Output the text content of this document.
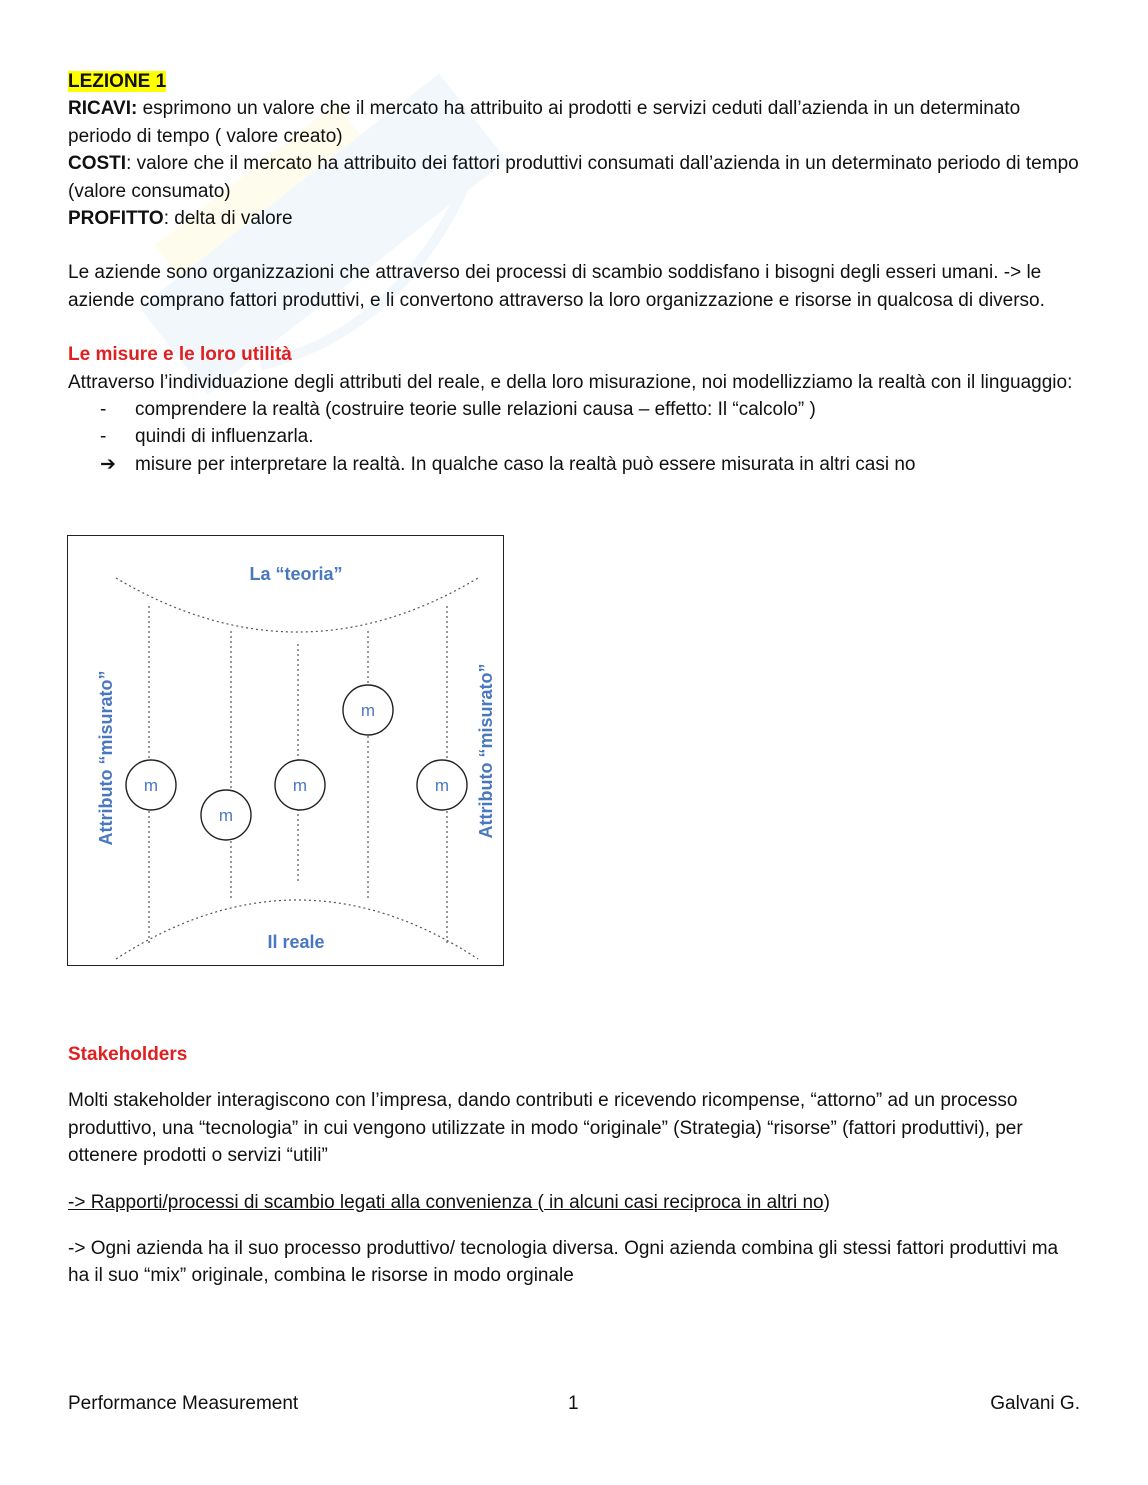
LEZIONE 1

RICAVI: esprimono un valore che il mercato ha attribuito ai prodotti e servizi ceduti dall’azienda in un determinato periodo di tempo ( valore creato)

COSTI: valore che il mercato ha attribuito dei fattori produttivi consumati dall’azienda in un determinato periodo di tempo (valore consumato)

PROFITTO: delta di valore

Le aziende sono organizzazioni che attraverso dei processi di scambio soddisfano i bisogni degli esseri umani. -> le aziende comprano fattori produttivi, e li convertono attraverso la loro organizzazione e risorse in qualcosa di diverso.

Le misure e le loro utilità

Attraverso l’individuazione degli attributi del reale, e della loro misurazione, noi modellizziamo la realtà con il linguaggio:

- comprendere la realtà (costruire teorie sulle relazioni causa – effetto: Il “calcolo” )
- quindi di influenzarla.

➔ misure per interpretare la realtà. In qualche caso la realtà può essere misurata in altri casi no

m
m
m
m
m
La “teoria”
Il reale
Attributo “misurato”	Attributo “misurato”

Stakeholders

Molti stakeholder interagiscono con l’impresa, dando contributi e ricevendo ricompense, “attorno” ad un processo produttivo, una “tecnologia” in cui vengono utilizzate in modo “originale” (Strategia) “risorse” (fattori produttivi), per ottenere prodotti o servizi “utili”

-> Rapporti/processi di scambio legati alla convenienza ( in alcuni casi reciproca in altri no)

-> Ogni azienda ha il suo processo produttivo/ tecnologia diversa. Ogni azienda combina gli stessi fattori produttivi ma ha il suo “mix” originale, combina le risorse in modo orginale

Performance Measurement	1	Galvani G.
